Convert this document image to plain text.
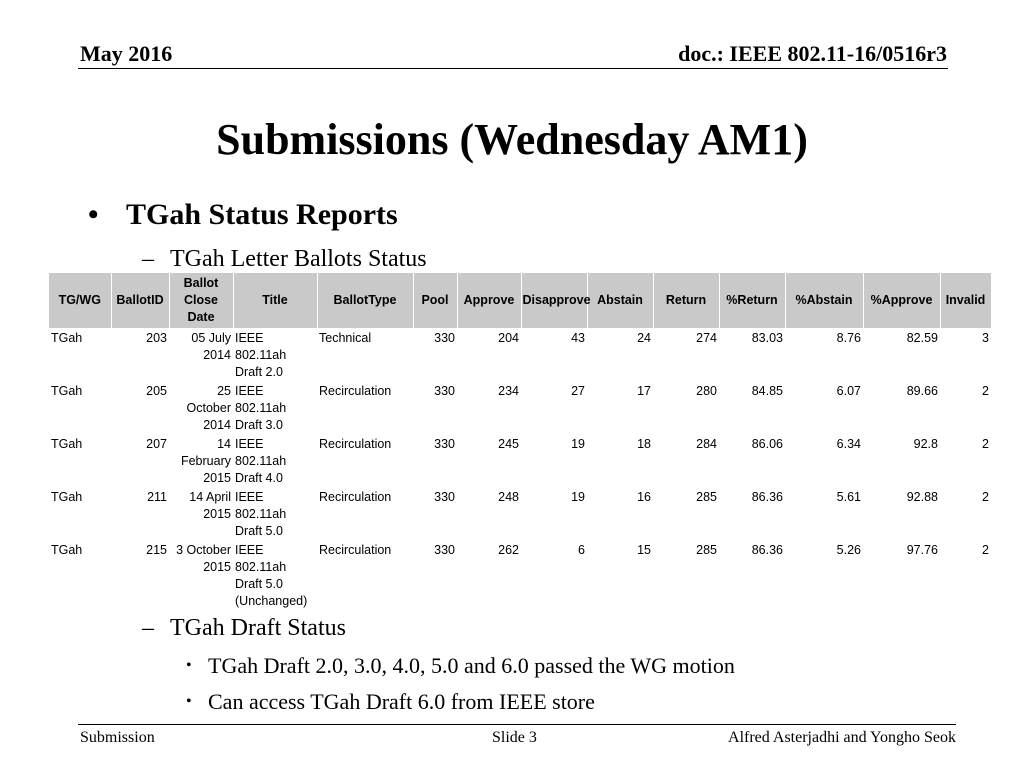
May 2016	doc.: IEEE 802.11-16/0516r3
Submissions (Wednesday AM1)
• TGah Status Reports
– TGah Letter Ballots Status
TG/WG	BallotID	Ballot Close Date	Title	BallotType	Pool	Approve	Disapprove	Abstain	Return	%Return	%Abstain	%Approve	Invalid
TGah	203	05 July 2014	IEEE 802.11ah Draft 2.0	Technical	330	204	43	24	274	83.03	8.76	82.59	3
TGah	205	25 October 2014	IEEE 802.11ah Draft 3.0	Recirculation	330	234	27	17	280	84.85	6.07	89.66	2
TGah	207	14 February 2015	IEEE 802.11ah Draft 4.0	Recirculation	330	245	19	18	284	86.06	6.34	92.8	2
TGah	211	14 April 2015	IEEE 802.11ah Draft 5.0	Recirculation	330	248	19	16	285	86.36	5.61	92.88	2
TGah	215	3 October 2015	IEEE 802.11ah Draft 5.0 (Unchanged)	Recirculation	330	262	6	15	285	86.36	5.26	97.76	2
– TGah Draft Status
• TGah Draft 2.0, 3.0, 4.0, 5.0 and 6.0 passed the WG motion
• Can access TGah Draft 6.0 from IEEE store
Submission	Slide 3	Alfred Asterjadhi and Yongho Seok
